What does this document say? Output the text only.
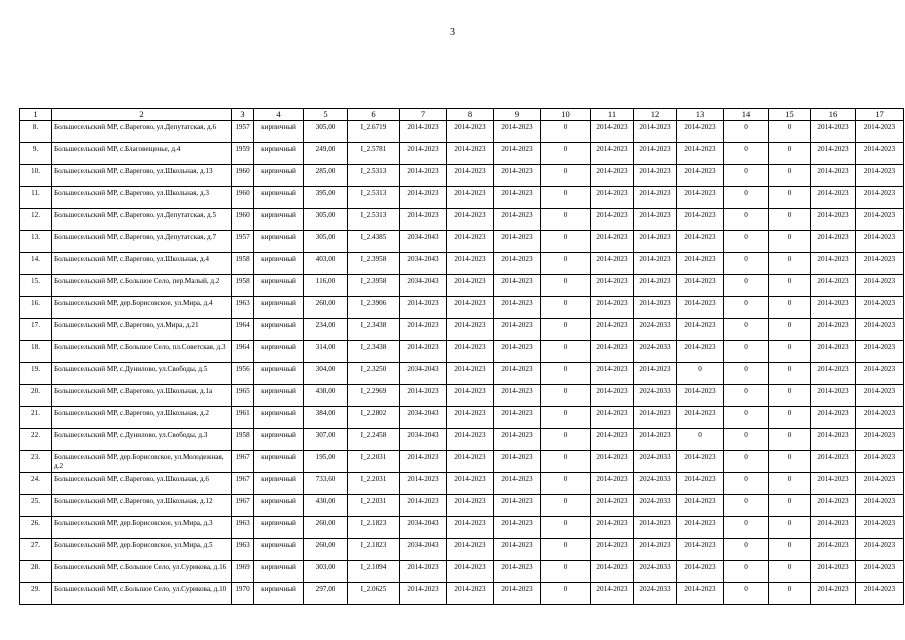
3
1	2	3	4	5	6	7	8	9	10	11	12	13	14	15	16	17
8.	Большесельский МР, с.Варегово, ул.Депутатская, д.6	1957	кирпичный	305,00	I_2.6719	2014-2023	2014-2023	2014-2023	0	2014-2023	2014-2023	2014-2023	0	0	2014-2023	2014-2023
9.	Большесельский МР, с.Благовещенье, д.4	1959	кирпичный	249,00	I_2.5781	2014-2023	2014-2023	2014-2023	0	2014-2023	2014-2023	2014-2023	0	0	2014-2023	2014-2023
10.	Большесельский МР, с.Варегово, ул.Школьная, д.13	1960	кирпичный	285,00	I_2.5313	2014-2023	2014-2023	2014-2023	0	2014-2023	2014-2023	2014-2023	0	0	2014-2023	2014-2023
11.	Большесельский МР, с.Варегово, ул.Школьная, д.3	1960	кирпичный	395,00	I_2.5313	2014-2023	2014-2023	2014-2023	0	2014-2023	2014-2023	2014-2023	0	0	2014-2023	2014-2023
12.	Большесельский МР, с.Варегово. ул.Депутатская, д.5	1960	кирпичный	305,00	I_2.5313	2014-2023	2014-2023	2014-2023	0	2014-2023	2014-2023	2014-2023	0	0	2014-2023	2014-2023
13.	Большесельский МР, с.Варегово, ул.Депутатская, д.7	1957	кирпичный	305,00	I_2.4385	2034-2043	2014-2023	2014-2023	0	2014-2023	2014-2023	2014-2023	0	0	2014-2023	2014-2023
14.	Большесельский МР, с.Варегово, ул.Школьная, д.4	1958	кирпичный	403,00	I_2.3958	2034-2043	2014-2023	2014-2023	0	2014-2023	2014-2023	2014-2023	0	0	2014-2023	2014-2023
15.	Большесельский МР, с.Большое Село, пер.Малый, д.2	1958	кирпичный	116,00	I_2.3958	2034-2043	2014-2023	2014-2023	0	2014-2023	2014-2023	2014-2023	0	0	2014-2023	2014-2023
16.	Большесельский МР, дер.Борисовское, ул.Мира, д.4	1963	кирпичный	260,00	I_2.3906	2014-2023	2014-2023	2014-2023	0	2014-2023	2014-2023	2014-2023	0	0	2014-2023	2014-2023
17.	Большесельский МР, с.Варегово, ул.Мира, д.21	1964	кирпичный	234,00	I_2.3438	2014-2023	2014-2023	2014-2023	0	2014-2023	2024-2033	2014-2023	0	0	2014-2023	2014-2023
18.	Большесельский МР, с.Большое Село, пл.Советская, д.3	1964	кирпичный	314,00	I_2.3438	2014-2023	2014-2023	2014-2023	0	2014-2023	2024-2033	2014-2023	0	0	2014-2023	2014-2023
19.	Большесельский МР, с.Дунилово, ул.Свободы, д.5	1956	кирпичный	304,00	I_2.3250	2034-2043	2014-2023	2014-2023	0	2014-2023	2014-2023	0	0	0	2014-2023	2014-2023
20.	Большесельский МР, с.Варегово, ул.Школьная, д.1а	1965	кирпичный	438,00	I_2.2969	2014-2023	2014-2023	2014-2023	0	2014-2023	2024-2033	2014-2023	0	0	2014-2023	2014-2023
21.	Большесельский МР, с.Варегово, ул.Школьная, д.2	1961	кирпичный	384,00	I_2.2802	2034-2043	2014-2023	2014-2023	0	2014-2023	2014-2023	2014-2023	0	0	2014-2023	2014-2023
22.	Большесельский МР, с.Дунилово, ул.Свободы, д.3	1958	кирпичный	307,00	I_2.2458	2034-2043	2014-2023	2014-2023	0	2014-2023	2014-2023	0	0	0	2014-2023	2014-2023
23.	Большесельский МР, дер.Борисовское, ул.Молодежная, д.2	1967	кирпичный	195,00	I_2.2031	2014-2023	2014-2023	2014-2023	0	2014-2023	2024-2033	2014-2023	0	0	2014-2023	2014-2023
24.	Большесельский МР, с.Варегово, ул.Школьная, д.6	1967	кирпичный	733,60	I_2.2031	2014-2023	2014-2023	2014-2023	0	2014-2023	2024-2033	2014-2023	0	0	2014-2023	2014-2023
25.	Большесельский МР, с.Варегово, ул.Школьная, д.12	1967	кирпичный	430,00	I_2.2031	2014-2023	2014-2023	2014-2023	0	2014-2023	2024-2033	2014-2023	0	0	2014-2023	2014-2023
26.	Большесельский МР, дер.Борисовское, ул.Мира, д.3	1963	кирпичный	260,00	I_2.1823	2034-2043	2014-2023	2014-2023	0	2014-2023	2014-2023	2014-2023	0	0	2014-2023	2014-2023
27.	Большесельский МР, дер.Борисовское, ул.Мира, д.5	1963	кирпичный	260,00	I_2.1823	2034-2043	2014-2023	2014-2023	0	2014-2023	2014-2023	2014-2023	0	0	2014-2023	2014-2023
28.	Большесельский МР, с.Большое Село, ул.Сурикова, д.16	1969	кирпичный	303,00	I_2.1094	2014-2023	2014-2023	2014-2023	0	2014-2023	2024-2033	2014-2023	0	0	2014-2023	2014-2023
29.	Большесельский МР, с.Большое Село, ул.Сурикова, д.10	1970	кирпичный	297,00	I_2.0625	2014-2023	2014-2023	2014-2023	0	2014-2023	2024-2033	2014-2023	0	0	2014-2023	2014-2023
